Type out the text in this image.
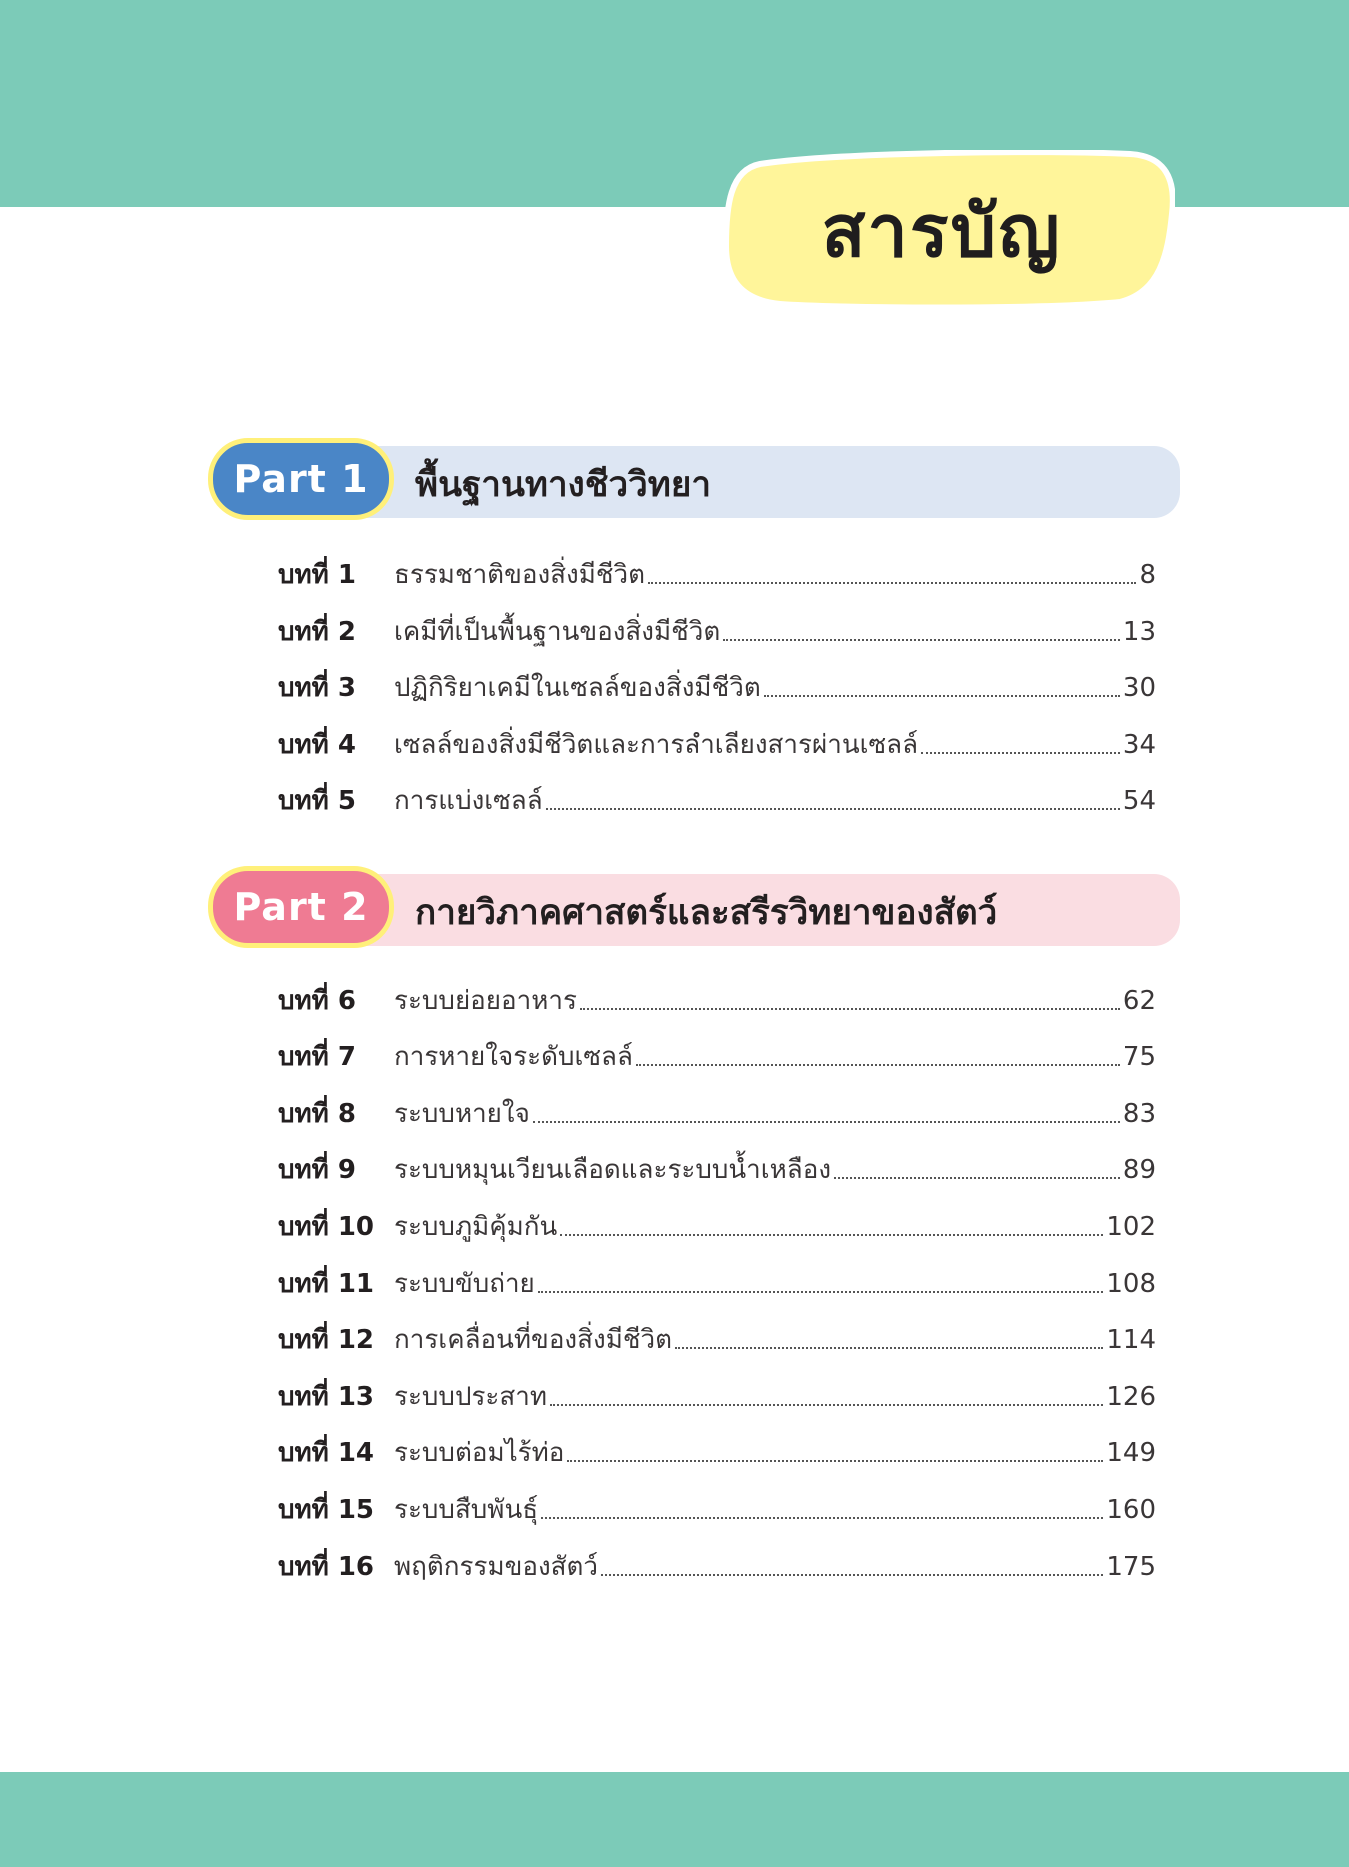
สารบัญ
Part 1	พื้นฐานทางชีววิทยา
บทที่ 1	ธรรมชาติของสิ่งมีชีวิต	8
บทที่ 2	เคมีที่เป็นพื้นฐานของสิ่งมีชีวิต	13
บทที่ 3	ปฏิกิริยาเคมีในเซลล์ของสิ่งมีชีวิต	30
บทที่ 4	เซลล์ของสิ่งมีชีวิตและการลำเลียงสารผ่านเซลล์	34
บทที่ 5	การแบ่งเซลล์	54
Part 2	กายวิภาคศาสตร์และสรีรวิทยาของสัตว์
บทที่ 6	ระบบย่อยอาหาร	62
บทที่ 7	การหายใจระดับเซลล์	75
บทที่ 8	ระบบหายใจ	83
บทที่ 9	ระบบหมุนเวียนเลือดและระบบน้ำเหลือง	89
บทที่ 10 ระบบภูมิคุ้มกัน	102
บทที่ 11 ระบบขับถ่าย	108
บทที่ 12 การเคลื่อนที่ของสิ่งมีชีวิต	114
บทที่ 13 ระบบประสาท	126
บทที่ 14 ระบบต่อมไร้ท่อ	149
บทที่ 15 ระบบสืบพันธุ์	160
บทที่ 16 พฤติกรรมของสัตว์	175
